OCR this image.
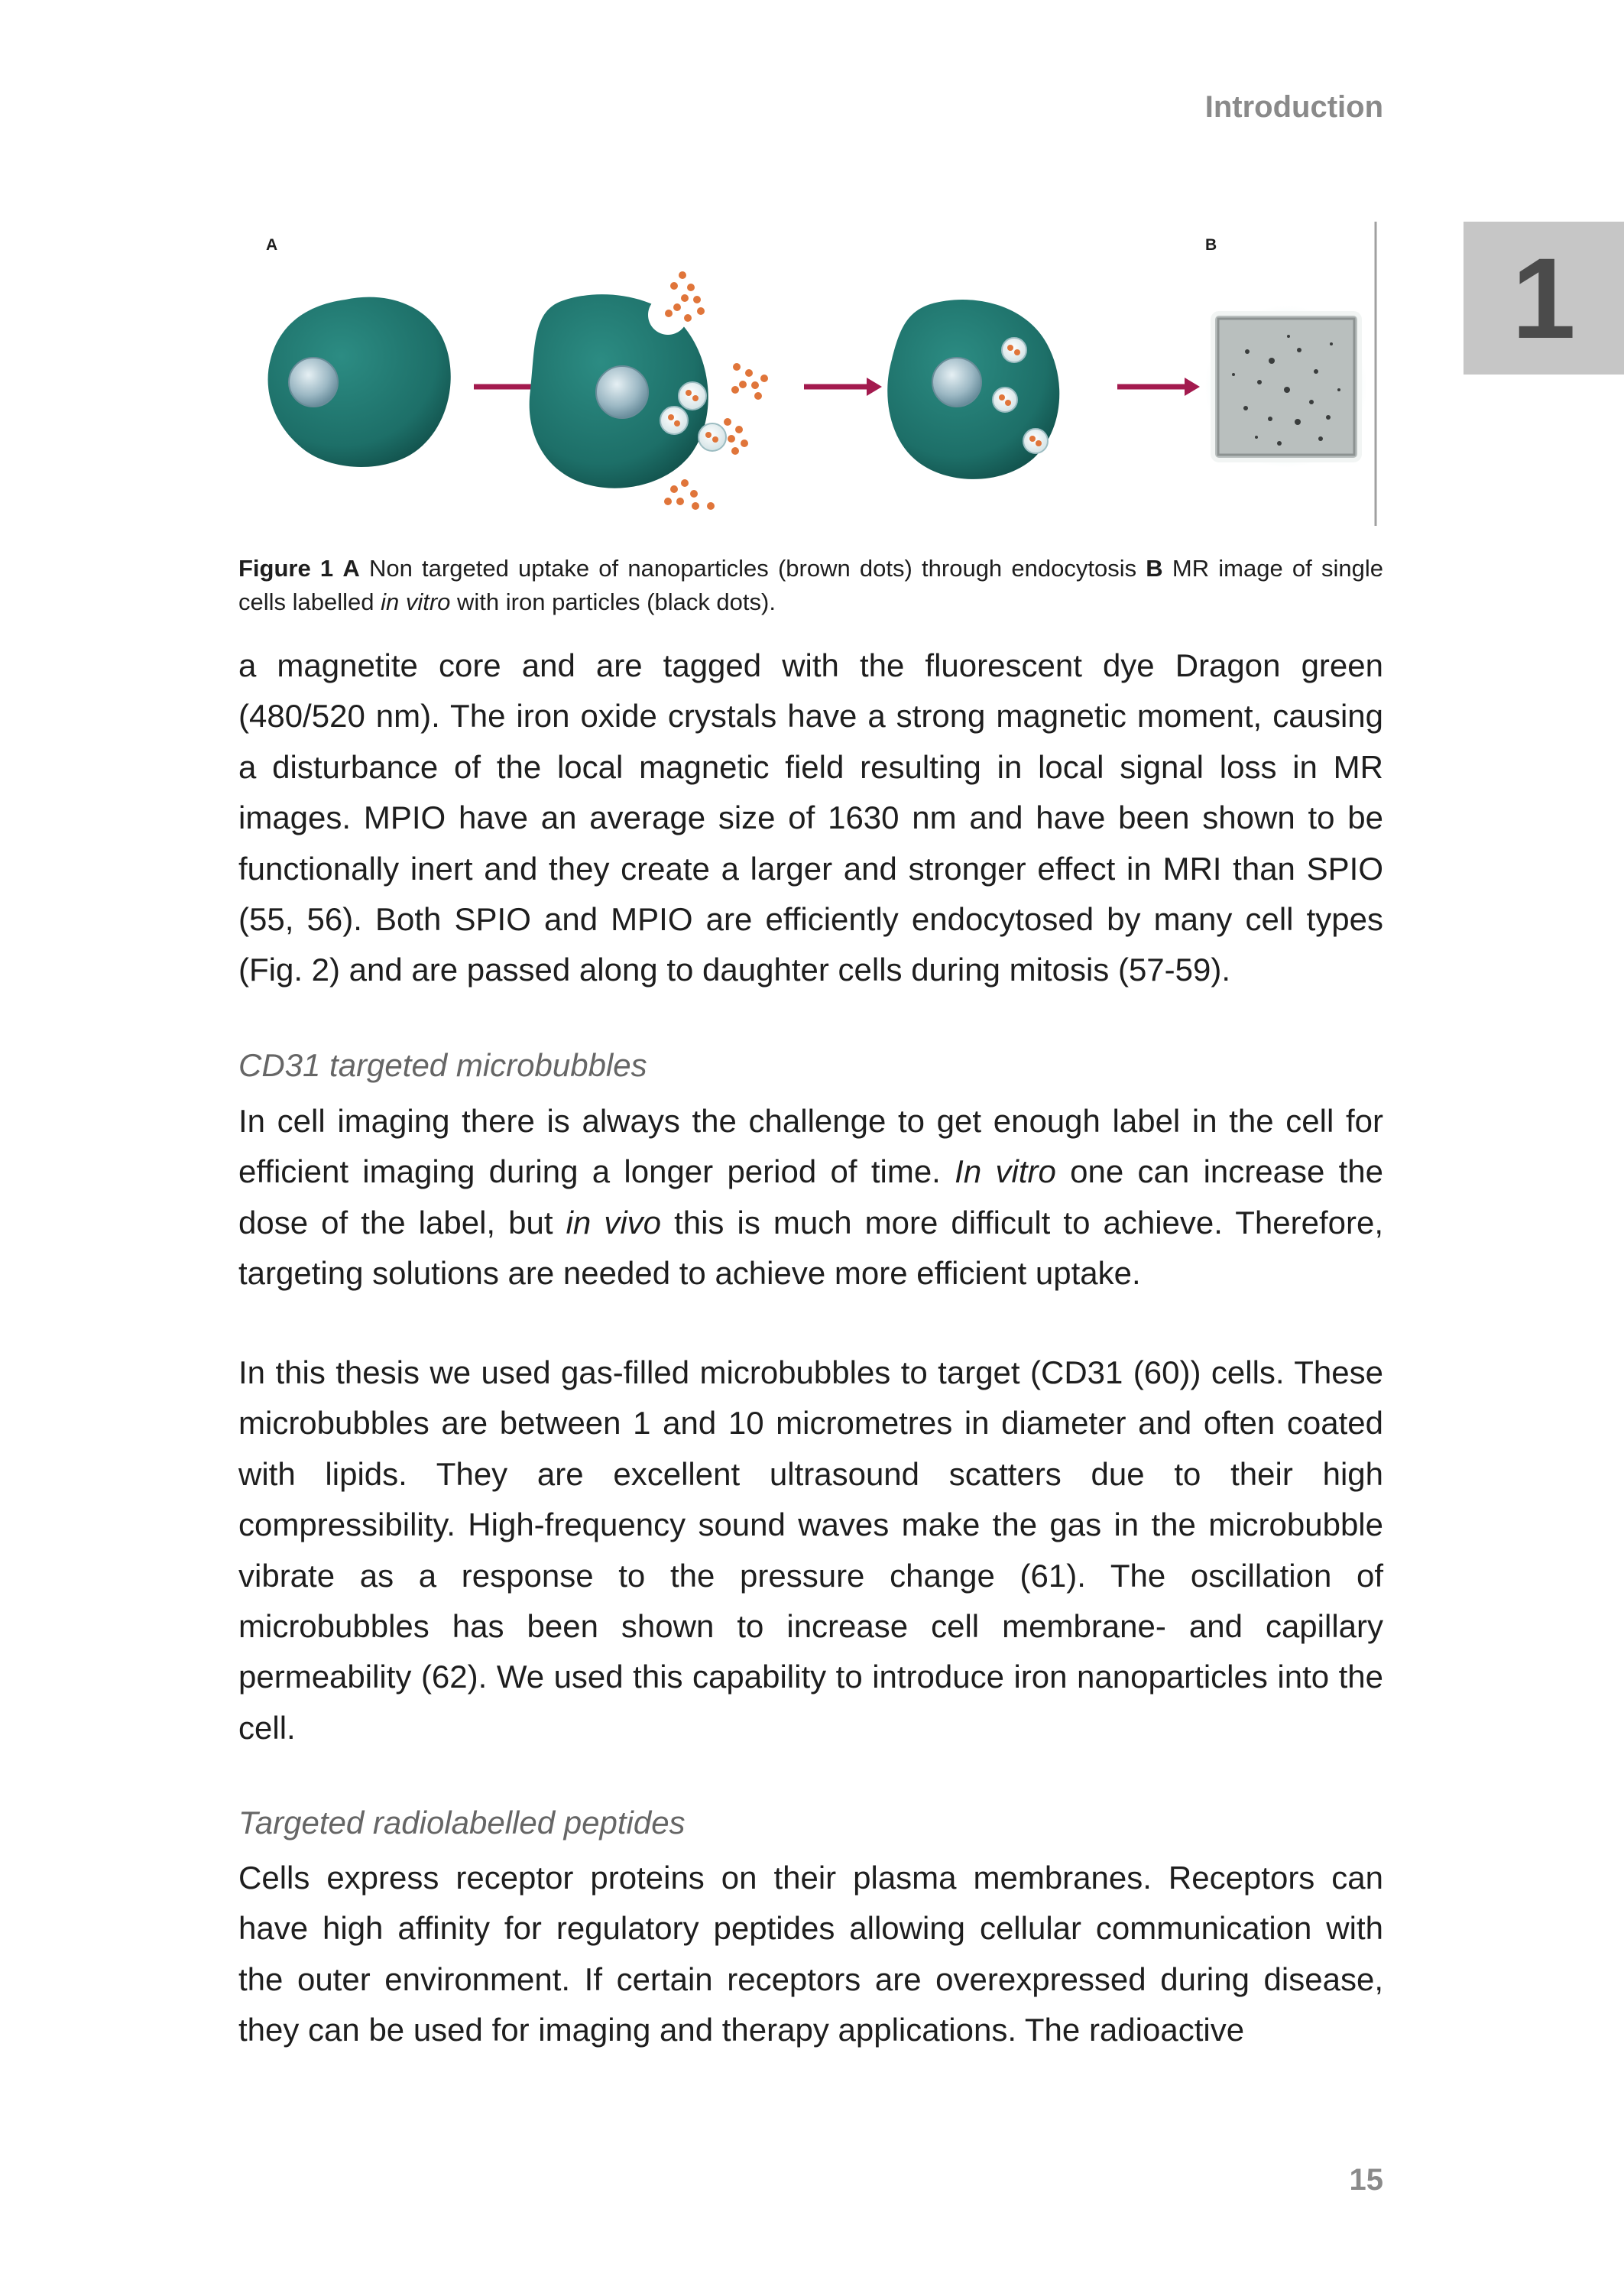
Introduction
1
A	B
Figure 1 A Non targeted uptake of nanoparticles (brown dots) through endocytosis B MR image of single cells labelled in vitro with iron particles (black dots).
a magnetite core and are tagged with the fluorescent dye Dragon green (480/520 nm). The iron oxide crystals have a strong magnetic moment, causing a disturbance of the local magnetic field resulting in local signal loss in MR images. MPIO have an average size of 1630 nm and have been shown to be functionally inert and they create a larger and stronger effect in MRI than SPIO (55, 56). Both SPIO and MPIO are efficiently endocytosed by many cell types (Fig. 2) and are passed along to daughter cells during mitosis (57-59).
CD31 targeted microbubbles
In cell imaging there is always the challenge to get enough label in the cell for efficient imaging during a longer period of time. In vitro one can increase the dose of the label, but in vivo this is much more difficult to achieve. Therefore, targeting solutions are needed to achieve more efficient uptake.
In this thesis we used gas-filled microbubbles to target (CD31 (60)) cells. These microbubbles are between 1 and 10 micrometres in diameter and often coated with lipids. They are excellent ultrasound scatters due to their high compressibility. High-frequency sound waves make the gas in the microbubble vibrate as a response to the pressure change (61). The oscillation of microbubbles has been shown to increase cell membrane- and capillary permeability (62). We used this capability to introduce iron nanoparticles into the cell.
Targeted radiolabelled peptides
Cells express receptor proteins on their plasma membranes. Receptors can have high affinity for regulatory peptides allowing cellular communication with the outer environment. If certain receptors are overexpressed during disease, they can be used for imaging and therapy applications. The radioactive
15
